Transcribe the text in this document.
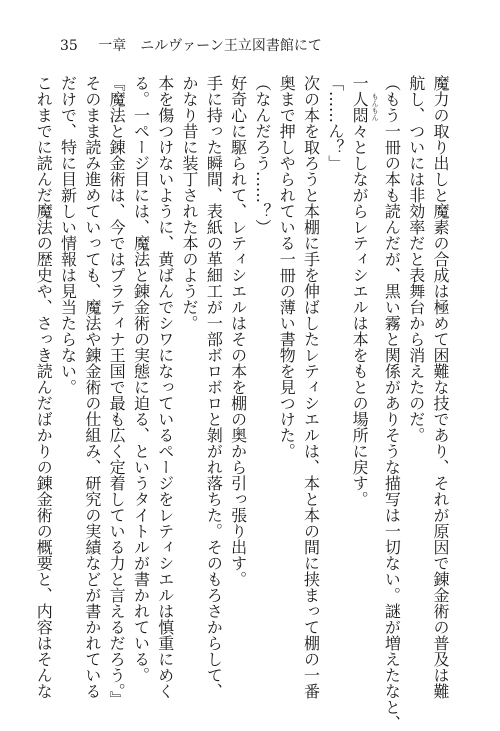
35 一章　ニルヴァーン王立図書館にて

魔力の取り出しと魔素の合成は極めて困難な技であり、それが原因で錬金術の普及は難

航し、ついには非効率だと表舞台から消えたのだ。

（もう一冊の本も読んだが、黒い霧と関係がありそうな描写は一切ない。謎が増えたなと、

もんもん

一人悶々としながらレティシエルは本をもとの場所に戻す。

「……ん？」

次の本を取ろうと本棚に手を伸ばしたレティシエルは、本と本の間に挟まって棚の一番

奥まで押しやられている一冊の薄い書物を見つけた。

（なんだろう……？）

好奇心に駆られて、レティシエルはその本を棚の奥から引っ張り出す。

手に持った瞬間、表紙の革細工が一部ボロボロと剝がれ落ちた。そのもろさからして、

かなり昔に装丁された本のようだ。

本を傷つけないように、黄ばんでシワになっているページをレティシエルは慎重にめく

る。一ページ目には、魔法と錬金術の実態に迫る、というタイトルが書かれている。

『魔法と錬金術は、今ではプラティナ王国で最も広く定着している力と言えるだろう。』

そのまま読み進めていっても、魔法や錬金術の仕組み、研究の実績などが書かれている

だけで、特に目新しい情報は見当たらない。

これまでに読んだ魔法の歴史や、さっき読んだばかりの錬金術の概要と、内容はそんな
